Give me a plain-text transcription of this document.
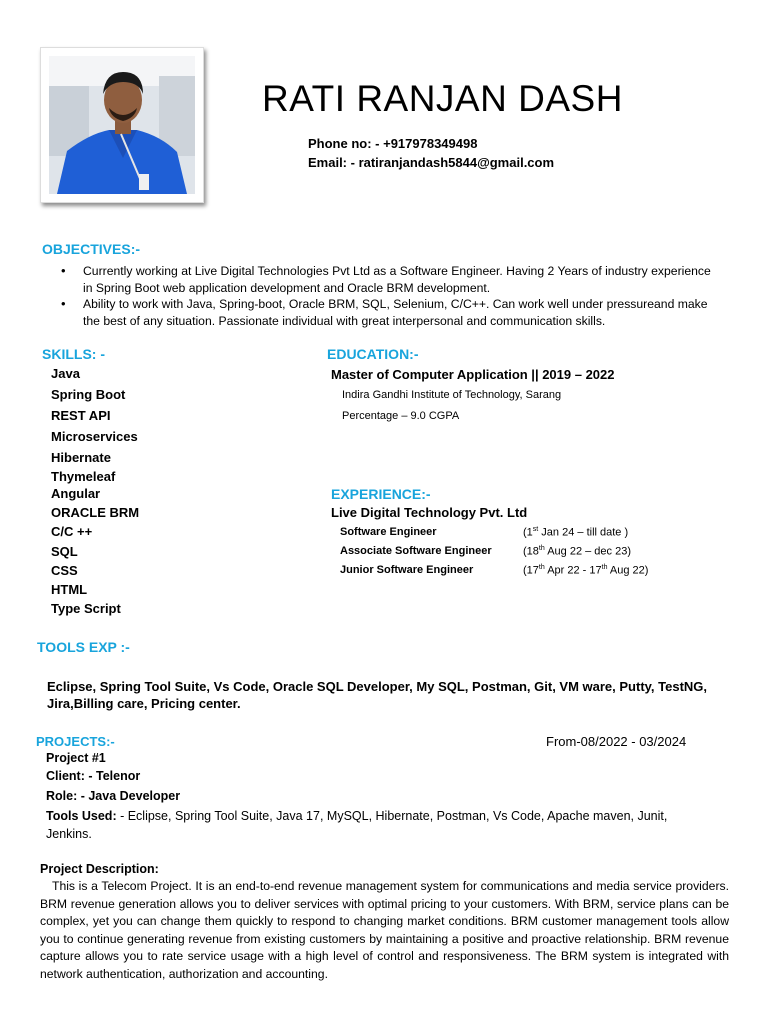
RATI RANJAN DASH
Phone no: - +917978349498
Email: - ratiranjandash5844@gmail.com
OBJECTIVES:-
• Currently working at Live Digital Technologies Pvt Ltd as a Software Engineer. Having 2 Years of industry experience in Spring Boot web application development and Oracle BRM development.
• Ability to work with Java, Spring-boot, Oracle BRM, SQL, Selenium, C/C++. Can work well under pressureand make the best of any situation. Passionate individual with great interpersonal and communication skills.
SKILLS: -
Java
Spring Boot
REST API
Microservices
Hibernate
Thymeleaf
Angular
ORACLE BRM
C/C ++
SQL
CSS
HTML
Type Script
EDUCATION:-
Master of Computer Application || 2019 – 2022
Indira Gandhi Institute of Technology, Sarang
Percentage – 9.0 CGPA
EXPERIENCE:-
Live Digital Technology Pvt. Ltd
Software Engineer	(1st Jan 24 – till date )
Associate Software Engineer	(18th Aug 22 – dec 23)
Junior Software Engineer	(17th Apr 22 - 17th Aug 22)
TOOLS EXP :-
Eclipse, Spring Tool Suite, Vs Code, Oracle SQL Developer, My SQL, Postman, Git, VM ware, Putty, TestNG, Jira,Billing care, Pricing center.
PROJECTS:-	From-08/2022 - 03/2024
Project #1
Client: - Telenor
Role: - Java Developer
Tools Used: - Eclipse, Spring Tool Suite, Java 17, MySQL, Hibernate, Postman, Vs Code, Apache maven, Junit, Jenkins.
Project Description:
This is a Telecom Project. It is an end-to-end revenue management system for communications and media service providers. BRM revenue generation allows you to deliver services with optimal pricing to your customers. With BRM, service plans can be complex, yet you can change them quickly to respond to changing market conditions. BRM customer management tools allow you to continue generating revenue from existing customers by maintaining a positive and proactive relationship. BRM revenue capture allows you to rate service usage with a high level of control and responsiveness. The BRM system is integrated with network authentication, authorization and accounting.
